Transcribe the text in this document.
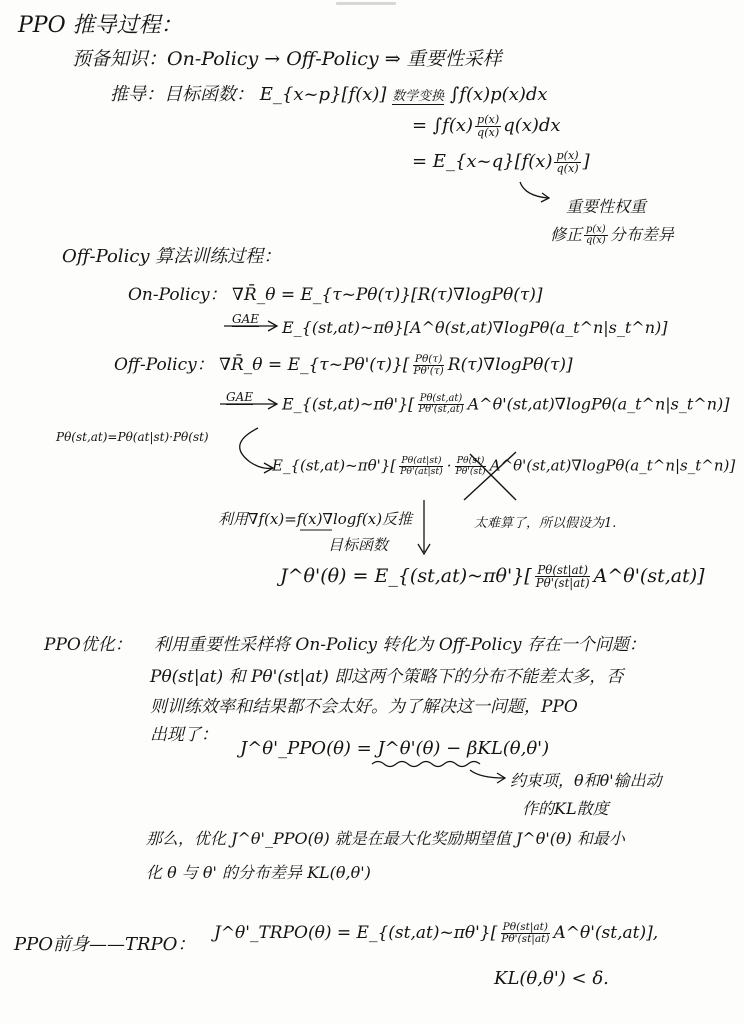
PPO 推导过程：
预备知识：On-Policy → Off-Policy ⇒ 重要性采样
推导：目标函数： E_{x~p}[f(x)] 数学变换 ∫f(x)p(x)dx
= $\int f(x) \frac{p(x)}{q(x)} q(x)dx$
= E_{x~q}[f(x) $\frac{p(x)}{q(x)}$ ]
重要性权重
修正 $\frac{p(x)}{q(x)}$ 分布差异
Off-Policy 算法训练过程：
On-Policy： ∇R̄_θ = E_{τ~Pθ(τ)}[R(τ)∇logPθ(τ)]
GAE E_{(st,at)~πθ}[A^θ(st,at)∇logPθ(a_t^n|s_t^n)]
Off-Policy： ∇R̄_θ = E_{τ~Pθ'(τ)}[ $\frac{P\theta(\tau)}{P\theta'(\tau)} R(\tau)\nabla\log P\theta(\tau)$]
GAE E_{(st,at)~πθ'}[ $\frac{P\theta(st,at)}{P\theta'(st,at)}$ A^θ'(st,at)∇logPθ(a_t^n|s_t^n)]
Pθ(st,at)=Pθ(at|st)·Pθ(st)
E_{(st,at)~πθ'}[ $\frac{P\theta(at|st)}{P\theta'(at|st)} \cdot \frac{P\theta(st)}{P\theta'(st)}$ A^θ'(st,at)∇logPθ(a_t^n|s_t^n)]
太难算了，所以假设为1.
利用∇f(x)=f(x)∇logf(x)反推
目标函数
J^θ'(θ) = E_{(st,at)~πθ'}[ $\frac{P\theta(st|at)}{P\theta'(st|at)}$ A^θ'(st,at)]
PPO优化： 利用重要性采样将 On-Policy 转化为 Off-Policy 存在一个问题：
Pθ(st|at) 和 Pθ'(st|at) 即这两个策略下的分布不能差太多，否
则训练效率和结果都不会太好。为了解决这一问题，PPO
出现了：
J^θ'_PPO(θ) = J^θ'(θ) − βKL(θ,θ')
约束项，θ和θ'输出动
作的KL散度
那么，优化 J^θ'_PPO(θ) 就是在最大化奖励期望值 J^θ'(θ) 和最小
化 θ 与 θ' 的分布差异 KL(θ,θ')
PPO前身——TRPO：
J^θ'_TRPO(θ) = E_{(st,at)~πθ'}[ $\frac{P\theta(st|at)}{P\theta'(st|at)}$ A^θ'(st,at)],
KL(θ,θ') < δ.
